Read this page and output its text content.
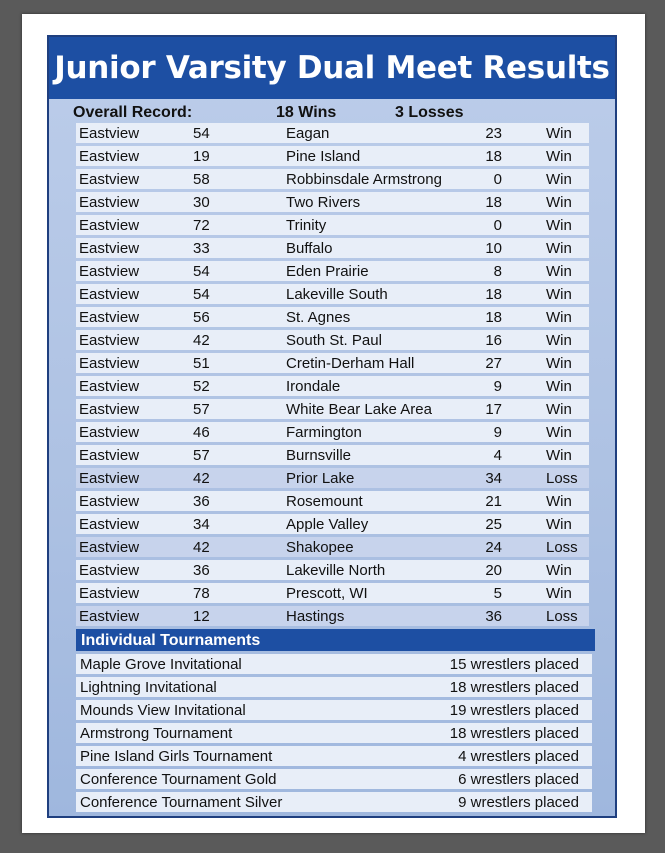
Junior Varsity Dual Meet Results
Overall Record:	18 Wins	3 Losses
Eastview	54	Eagan	23	Win
Eastview	19	Pine Island	18	Win
Eastview	58	Robbinsdale Armstrong	0	Win
Eastview	30	Two Rivers	18	Win
Eastview	72	Trinity	0	Win
Eastview	33	Buffalo	10	Win
Eastview	54	Eden Prairie	8	Win
Eastview	54	Lakeville South	18	Win
Eastview	56	St. Agnes	18	Win
Eastview	42	South St. Paul	16	Win
Eastview	51	Cretin-Derham Hall	27	Win
Eastview	52	Irondale	9	Win
Eastview	57	White Bear Lake Area	17	Win
Eastview	46	Farmington	9	Win
Eastview	57	Burnsville	4	Win
Eastview	42	Prior Lake	34	Loss
Eastview	36	Rosemount	21	Win
Eastview	34	Apple Valley	25	Win
Eastview	42	Shakopee	24	Loss
Eastview	36	Lakeville North	20	Win
Eastview	78	Prescott, WI	5	Win
Eastview	12	Hastings	36	Loss
Individual Tournaments
Maple Grove Invitational	15 wrestlers placed
Lightning Invitational	18 wrestlers placed
Mounds View Invitational	19 wrestlers placed
Armstrong Tournament	18 wrestlers placed
Pine Island Girls Tournament	4 wrestlers placed
Conference Tournament Gold	6 wrestlers placed
Conference Tournament Silver	9 wrestlers placed
